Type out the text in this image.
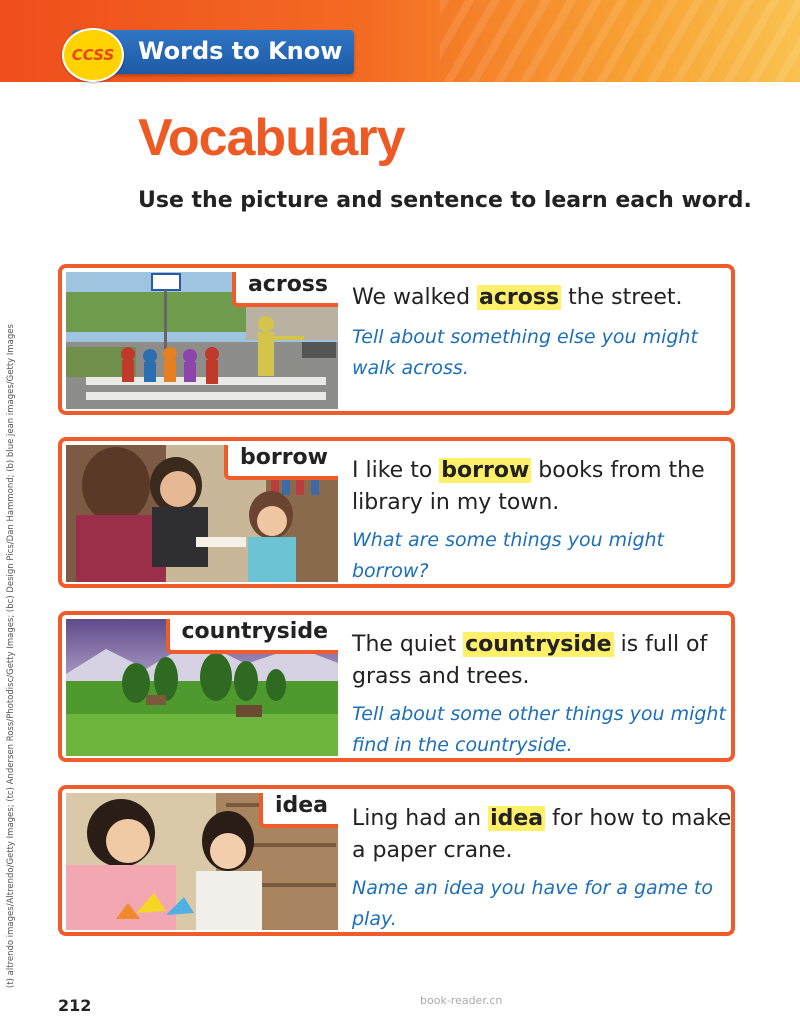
CCSS Words to Know
Vocabulary
Use the picture and sentence to learn each word.
(t) altrendo images/Altrendo/Getty Images; (tc) Andersen Ross/Photodisc/Getty Images; (bc) Design Pics/Dan Hammond; (b) blue jean images/Getty Images
across
We walked across the street.
Tell about something else you might walk across.
borrow
I like to borrow books from the library in my town.
What are some things you might borrow?
countryside
The quiet countryside is full of grass and trees.
Tell about some other things you might find in the countryside.
idea
Ling had an idea for how to make a paper crane.
Name an idea you have for a game to play.
212	book-reader.cn
